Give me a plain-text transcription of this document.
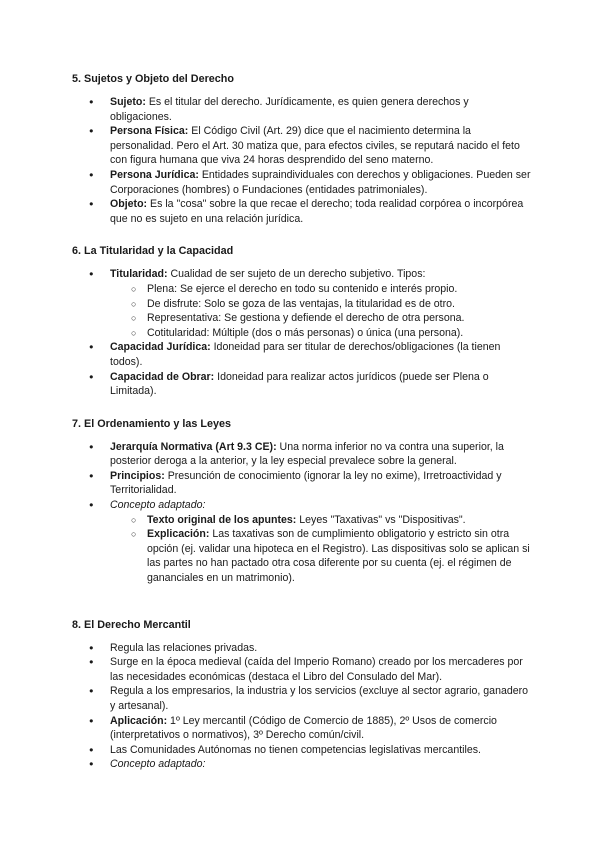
5. Sujetos y Objeto del Derecho
● Sujeto: Es el titular del derecho. Jurídicamente, es quien genera derechos y obligaciones.
● Persona Física: El Código Civil (Art. 29) dice que el nacimiento determina la personalidad. Pero el Art. 30 matiza que, para efectos civiles, se reputará nacido el feto con figura humana que viva 24 horas desprendido del seno materno.
● Persona Jurídica: Entidades supraindividuales con derechos y obligaciones. Pueden ser Corporaciones (hombres) o Fundaciones (entidades patrimoniales).
● Objeto: Es la "cosa" sobre la que recae el derecho; toda realidad corpórea o incorpórea que no es sujeto en una relación jurídica.
6. La Titularidad y la Capacidad
● Titularidad: Cualidad de ser sujeto de un derecho subjetivo. Tipos:
○ Plena: Se ejerce el derecho en todo su contenido e interés propio.
○ De disfrute: Solo se goza de las ventajas, la titularidad es de otro.
○ Representativa: Se gestiona y defiende el derecho de otra persona.
○ Cotitularidad: Múltiple (dos o más personas) o única (una persona).
● Capacidad Jurídica: Idoneidad para ser titular de derechos/obligaciones (la tienen todos).
● Capacidad de Obrar: Idoneidad para realizar actos jurídicos (puede ser Plena o Limitada).
7. El Ordenamiento y las Leyes
● Jerarquía Normativa (Art 9.3 CE): Una norma inferior no va contra una superior, la posterior deroga a la anterior, y la ley especial prevalece sobre la general.
● Principios: Presunción de conocimiento (ignorar la ley no exime), Irretroactividad y Territorialidad.
● Concepto adaptado:
○ Texto original de los apuntes: Leyes "Taxativas" vs "Dispositivas".
○ Explicación: Las taxativas son de cumplimiento obligatorio y estricto sin otra opción (ej. validar una hipoteca en el Registro). Las dispositivas solo se aplican si las partes no han pactado otra cosa diferente por su cuenta (ej. el régimen de gananciales en un matrimonio).
8. El Derecho Mercantil
● Regula las relaciones privadas.
● Surge en la época medieval (caída del Imperio Romano) creado por los mercaderes por las necesidades económicas (destaca el Libro del Consulado del Mar).
● Regula a los empresarios, la industria y los servicios (excluye al sector agrario, ganadero y artesanal).
● Aplicación: 1º Ley mercantil (Código de Comercio de 1885), 2º Usos de comercio (interpretativos o normativos), 3º Derecho común/civil.
● Las Comunidades Autónomas no tienen competencias legislativas mercantiles.
● Concepto adaptado:
